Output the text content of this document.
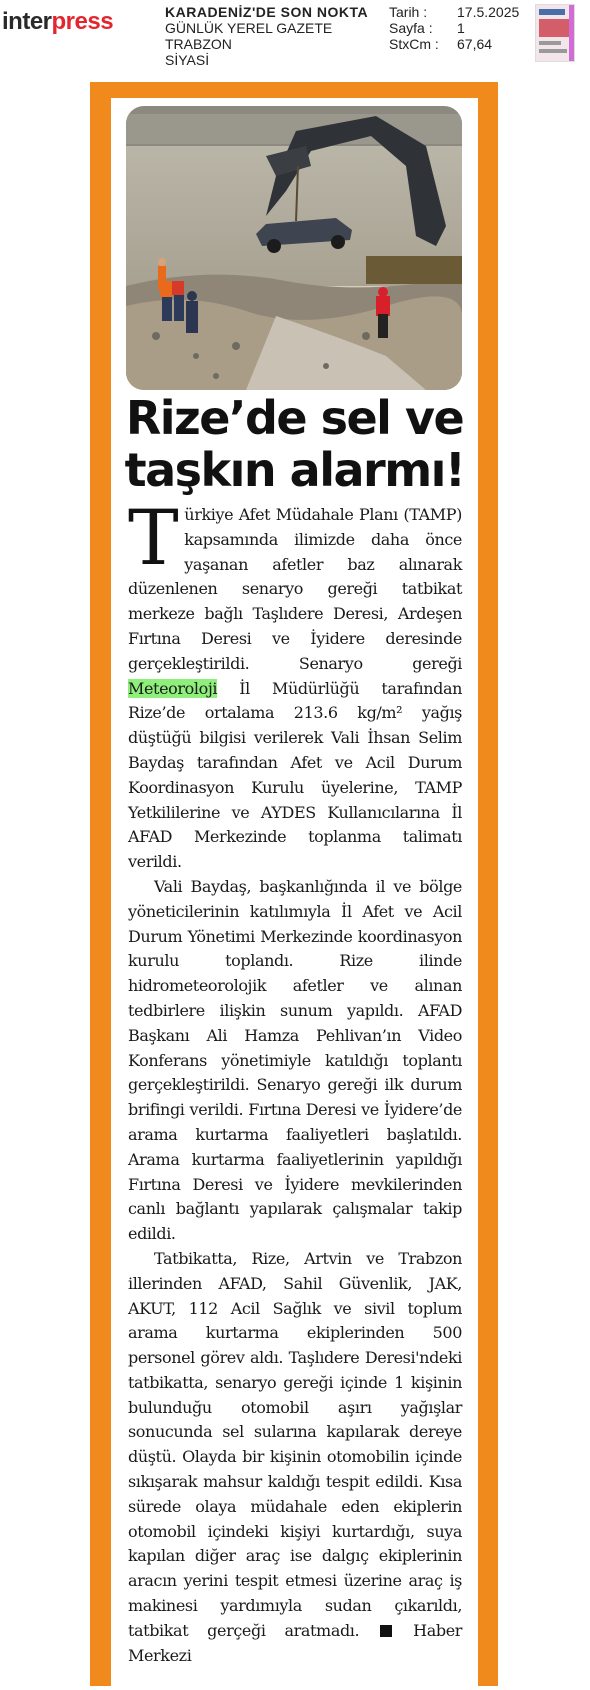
interpress	KARADENİZ'DE SON NOKTA
GÜNLÜK YEREL GAZETE
TRABZON
SİYASİ
Tarih :	17.5.2025
Sayfa :	1
StxCm :	67,64
Rize’de sel ve
taşkın alarmı!

Türkiye Afet Müdahale Planı (TAMP) kapsamında ilimizde daha önce yaşanan afetler baz alınarak düzenlenen senaryo gereği tatbikat merkeze bağlı Taşlıdere Deresi, Ardeşen Fırtına Deresi ve İyidere deresinde gerçekleştirildi. Senaryo gereği Meteoroloji İl Müdürlüğü tarafından Rize’de ortalama 213.6 kg/m² yağış düştüğü bilgisi verilerek Vali İhsan Selim Baydaş tarafından Afet ve Acil Durum Koordinasyon Kurulu üyelerine, TAMP Yetkililerine ve AYDES Kullanıcılarına İl AFAD Merkezinde toplanma talimatı verildi.

Vali Baydaş, başkanlığında il ve bölge yöneticilerinin katılımıyla İl Afet ve Acil Durum Yönetimi Merkezinde koordinasyon kurulu toplandı. Rize ilinde hidrometeorolojik afetler ve alınan tedbirlere ilişkin sunum yapıldı. AFAD Başkanı Ali Hamza Pehlivan’ın Video Konferans yönetimiyle katıldığı toplantı gerçekleştirildi. Senaryo gereği ilk durum brifingi verildi. Fırtına Deresi ve İyidere’de arama kurtarma faaliyetleri başlatıldı. Arama kurtarma faaliyetlerinin yapıldığı Fırtına Deresi ve İyidere mevkilerinden canlı bağlantı yapılarak çalışmalar takip edildi.

Tatbikatta, Rize, Artvin ve Trabzon illerinden AFAD, Sahil Güvenlik, JAK, AKUT, 112 Acil Sağlık ve sivil toplum arama kurtarma ekiplerinden 500 personel görev aldı. Taşlıdere Deresi'ndeki tatbikatta, senaryo gereği içinde 1 kişinin bulunduğu otomobil aşırı yağışlar sonucunda sel sularına kapılarak dereye düştü. Olayda bir kişinin otomobilin içinde sıkışarak mahsur kaldığı tespit edildi. Kısa sürede olaya müdahale eden ekiplerin otomobil içindeki kişiyi kurtardığı, suya kapılan diğer araç ise dalgıç ekiplerinin aracın yerini tespit etmesi üzerine araç iş makinesi yardımıyla sudan çıkarıldı, tatbikat gerçeği aratmadı.	Haber Merkezi
